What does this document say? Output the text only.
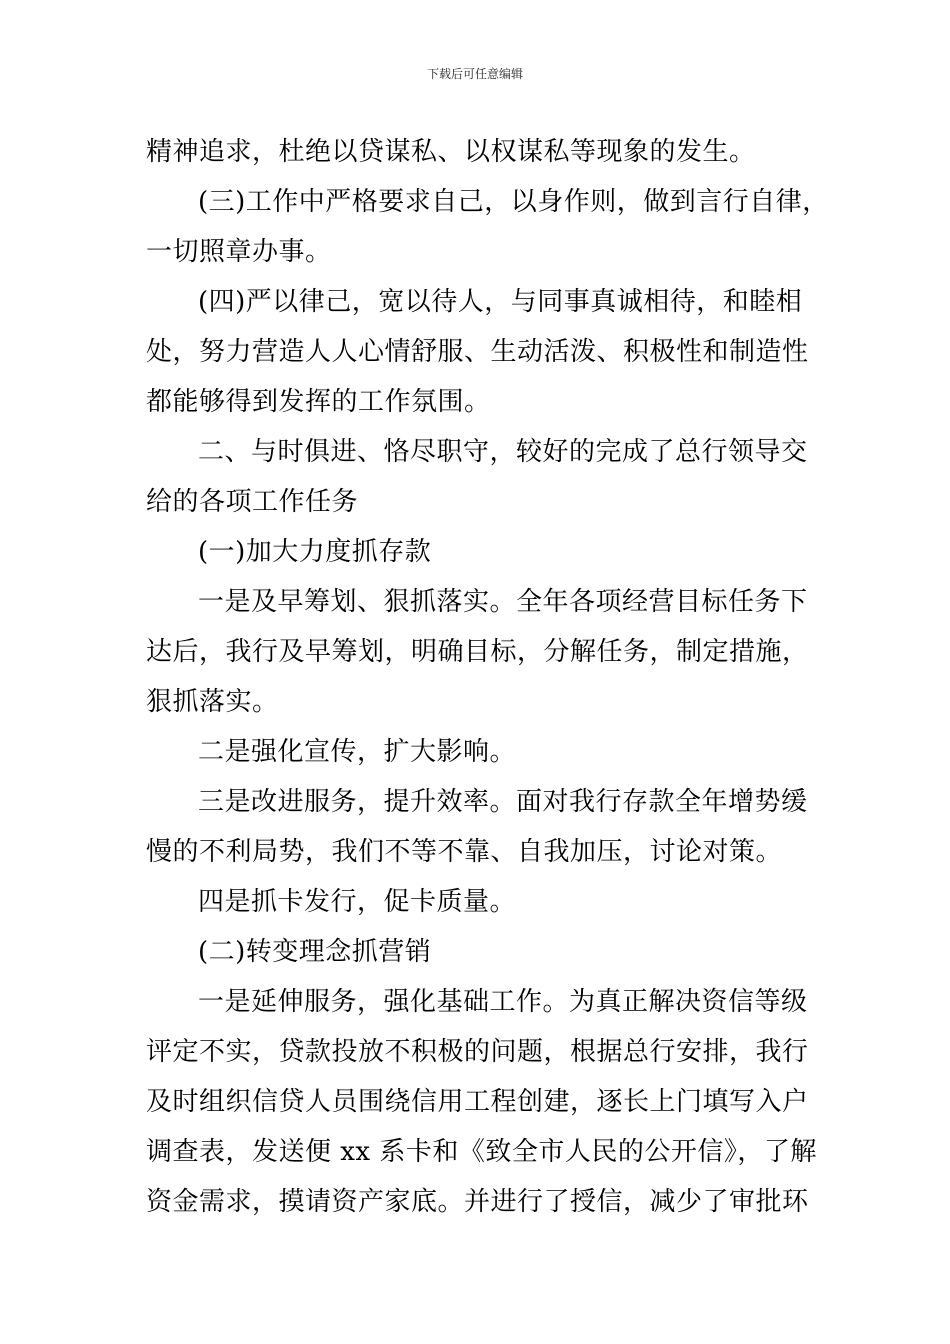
下载后可任意编辑
精神追求，杜绝以贷谋私、以权谋私等现象的发生。
(三)工作中严格要求自己，以身作则，做到言行自律，
一切照章办事。
(四)严以律己，宽以待人，与同事真诚相待，和睦相
处，努力营造人人心情舒服、生动活泼、积极性和制造性
都能够得到发挥的工作氛围。
二、与时俱进、恪尽职守，较好的完成了总行领导交
给的各项工作任务
(一)加大力度抓存款
一是及早筹划、狠抓落实。全年各项经营目标任务下
达后，我行及早筹划，明确目标，分解任务，制定措施，
狠抓落实。
二是强化宣传，扩大影响。
三是改进服务，提升效率。面对我行存款全年增势缓
慢的不利局势，我们不等不靠、自我加压，讨论对策。
四是抓卡发行，促卡质量。
(二)转变理念抓营销
一是延伸服务，强化基础工作。为真正解决资信等级
评定不实，贷款投放不积极的问题，根据总行安排，我行
及时组织信贷人员围绕信用工程创建，逐长上门填写入户
调查表，发送便 xx 系卡和《致全市人民的公开信》，了解
资金需求，摸请资产家底。并进行了授信，减少了审批环
